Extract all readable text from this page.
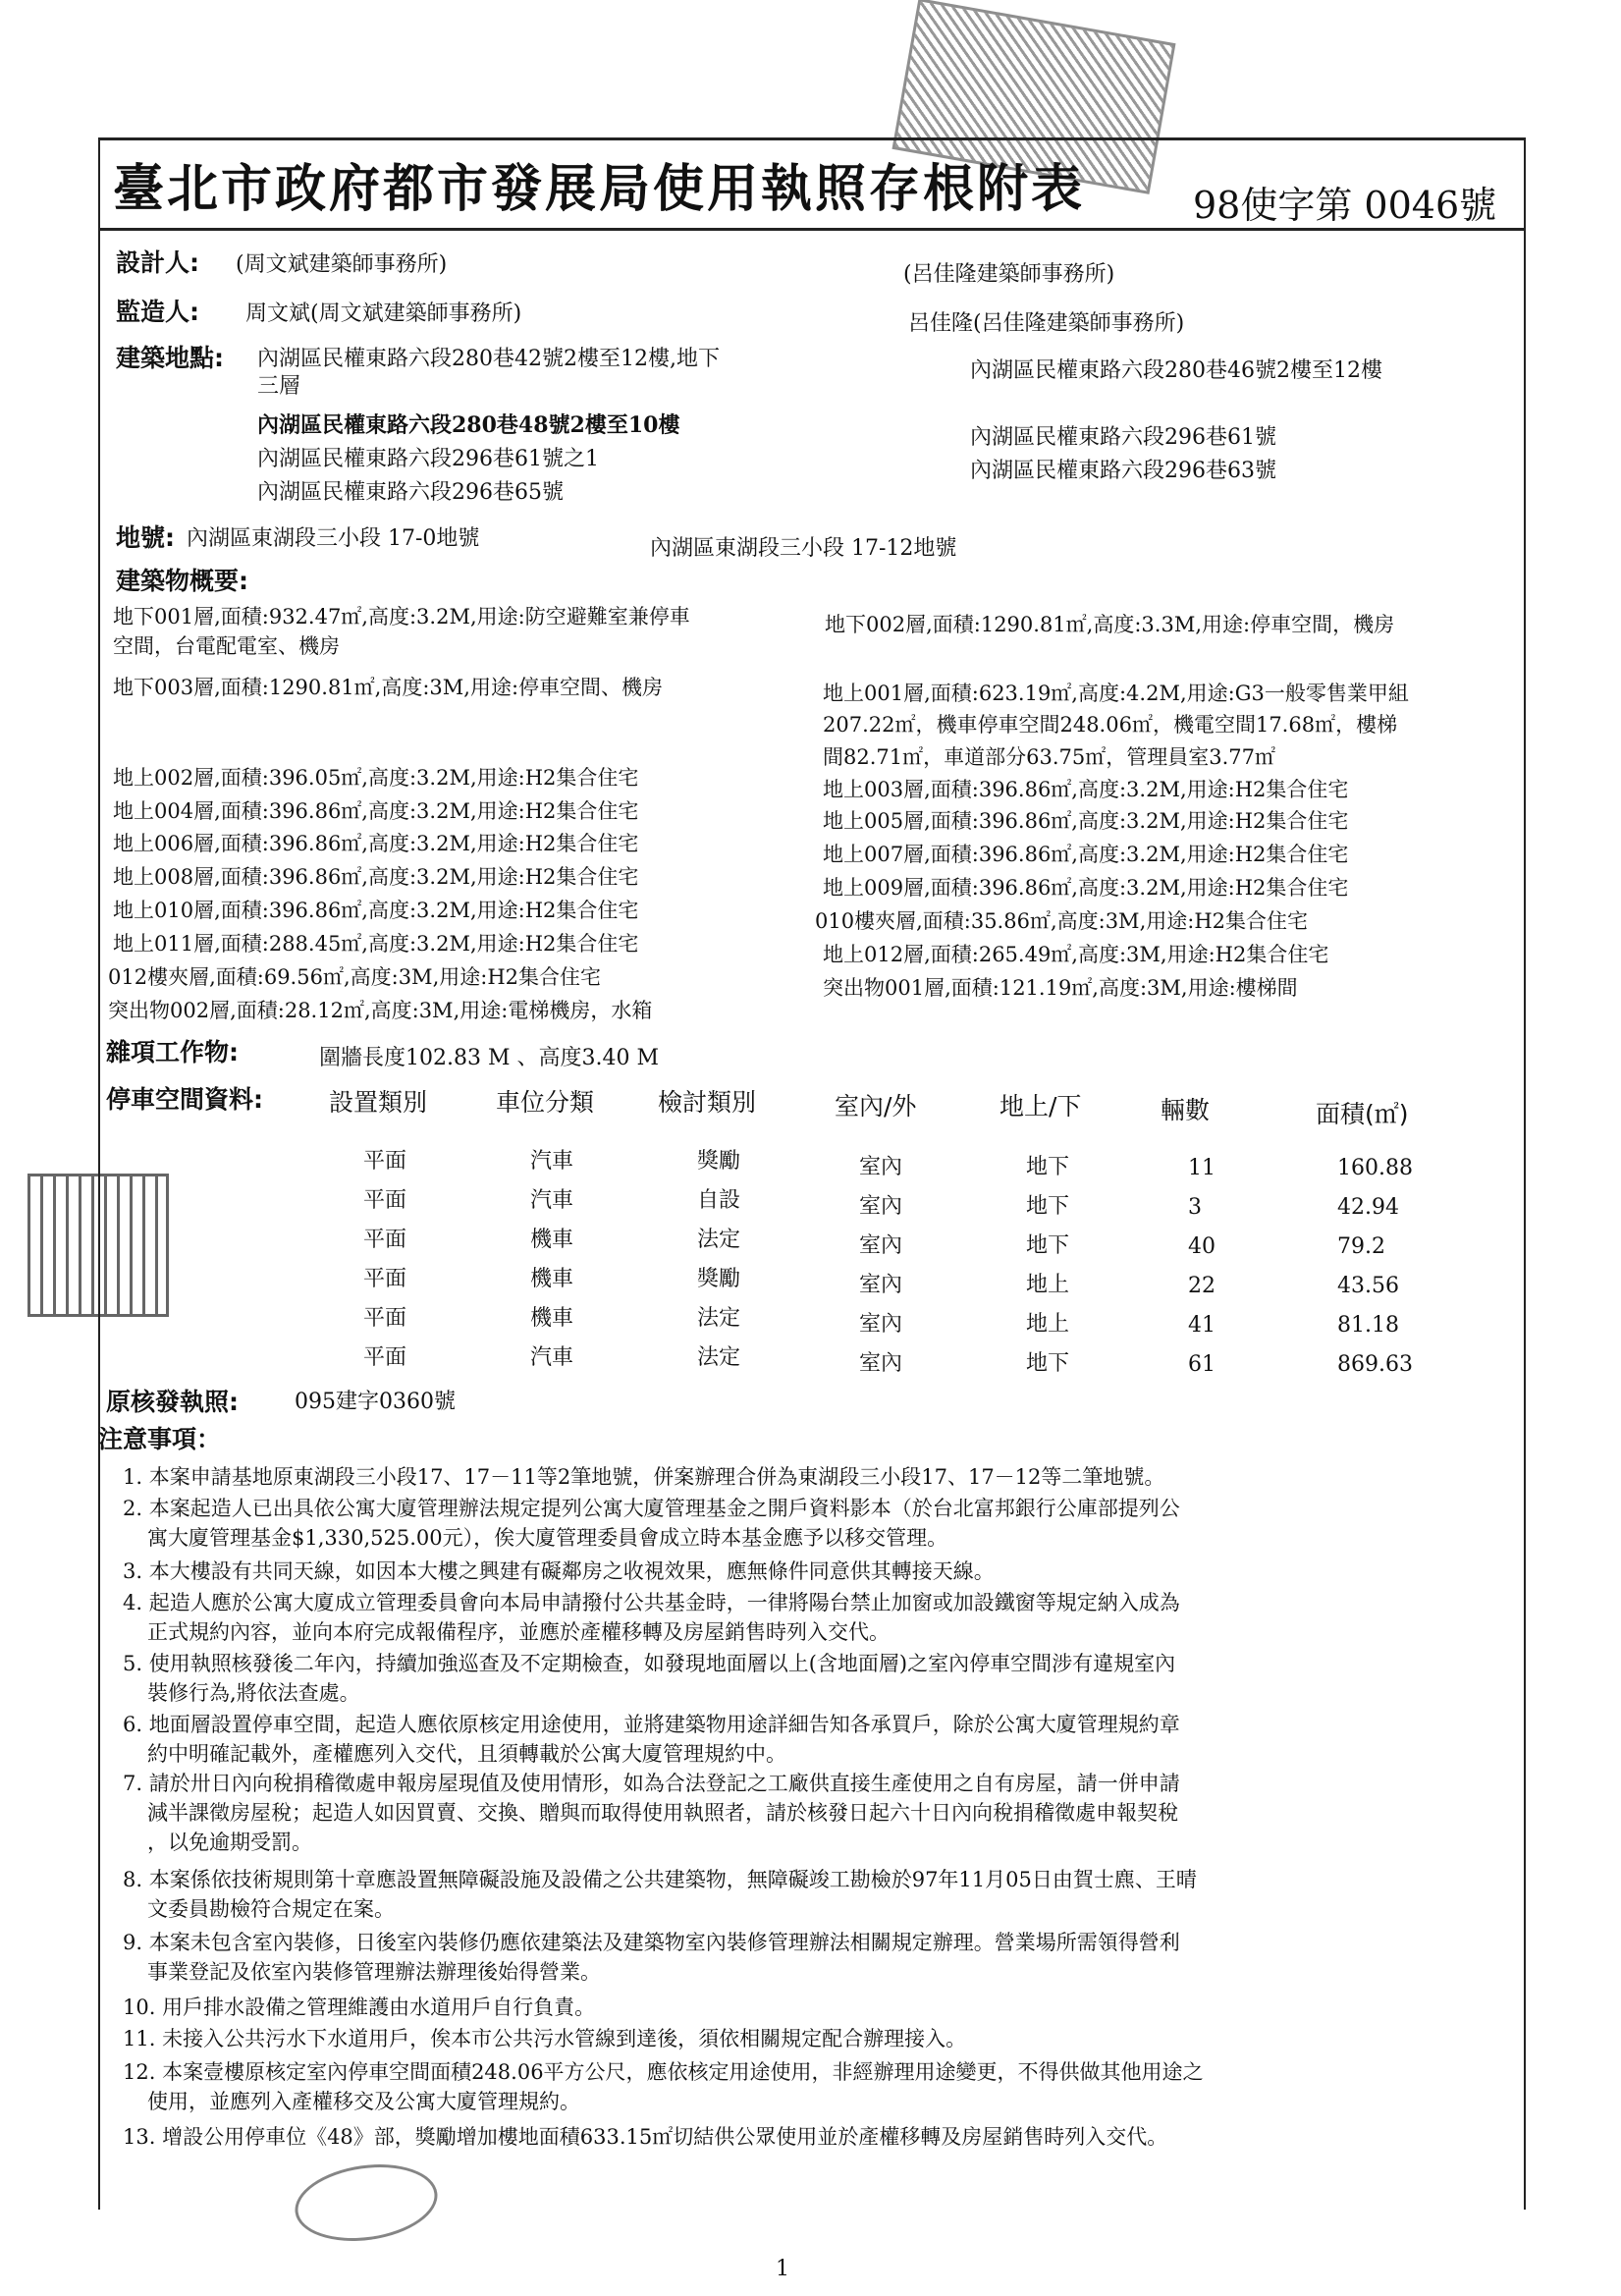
臺北市政府都市發展局使用執照存根附表	98使字第 0046號
設計人: (周文斌建築師事務所)	(呂佳隆建築師事務所)
監造人: 周文斌(周文斌建築師事務所)	呂佳隆(呂佳隆建築師事務所)
建築地點: 內湖區民權東路六段280巷42號2樓至12樓,地下
三層
內湖區民權東路六段280巷48號2樓至10樓
內湖區民權東路六段296巷61號之1
內湖區民權東路六段296巷65號
內湖區民權東路六段280巷46號2樓至12樓
內湖區民權東路六段296巷61號
內湖區民權東路六段296巷63號
地號: 內湖區東湖段三小段 17-0地號	內湖區東湖段三小段 17-12地號
建築物概要:
地下001層,面積:932.47㎡,高度:3.2M,用途:防空避難室兼停車	地下002層,面積:1290.81㎡,高度:3.3M,用途:停車空間，機房
空間，台電配電室、機房
地下003層,面積:1290.81㎡,高度:3M,用途:停車空間、機房	地上001層,面積:623.19㎡,高度:4.2M,用途:G3一般零售業甲組
207.22㎡，機車停車空間248.06㎡，機電空間17.68㎡，樓梯
間82.71㎡，車道部分63.75㎡，管理員室3.77㎡
地上002層,面積:396.05㎡,高度:3.2M,用途:H2集合住宅
地上004層,面積:396.86㎡,高度:3.2M,用途:H2集合住宅
地上006層,面積:396.86㎡,高度:3.2M,用途:H2集合住宅
地上008層,面積:396.86㎡,高度:3.2M,用途:H2集合住宅
地上010層,面積:396.86㎡,高度:3.2M,用途:H2集合住宅
地上011層,面積:288.45㎡,高度:3.2M,用途:H2集合住宅
012樓夾層,面積:69.56㎡,高度:3M,用途:H2集合住宅
突出物002層,面積:28.12㎡,高度:3M,用途:電梯機房，水箱
地上003層,面積:396.86㎡,高度:3.2M,用途:H2集合住宅
地上005層,面積:396.86㎡,高度:3.2M,用途:H2集合住宅
地上007層,面積:396.86㎡,高度:3.2M,用途:H2集合住宅
地上009層,面積:396.86㎡,高度:3.2M,用途:H2集合住宅
010樓夾層,面積:35.86㎡,高度:3M,用途:H2集合住宅
地上012層,面積:265.49㎡,高度:3M,用途:H2集合住宅
突出物001層,面積:121.19㎡,高度:3M,用途:樓梯間
雜項工作物:	圍牆長度102.83 M 、高度3.40 M
停車空間資料:	設置類別	車位分類	檢討類別	室內/外	地上/下	輛數	面積(㎡)
平面	汽車	獎勵	室內	地下	11	160.88
平面	汽車	自設	室內	地下	3	42.94
平面	機車	法定	室內	地下	40	79.2
平面	機車	獎勵	室內	地上	22	43.56
平面	機車	法定	室內	地上	41	81.18
平面	汽車	法定	室內	地下	61	869.63
原核發執照:	095建字0360號
注意事項：
1. 本案申請基地原東湖段三小段17、17－11等2筆地號，併案辦理合併為東湖段三小段17、17－12等二筆地號。
2. 本案起造人已出具依公寓大廈管理辦法規定提列公寓大廈管理基金之開戶資料影本（於台北富邦銀行公庫部提列公
寓大廈管理基金$1,330,525.00元），俟大廈管理委員會成立時本基金應予以移交管理。
3. 本大樓設有共同天線，如因本大樓之興建有礙鄰房之收視效果，應無條件同意供其轉接天線。
4. 起造人應於公寓大廈成立管理委員會向本局申請撥付公共基金時，一律將陽台禁止加窗或加設鐵窗等規定納入成為
正式規約內容，並向本府完成報備程序，並應於產權移轉及房屋銷售時列入交代。
5. 使用執照核發後二年內，持續加強巡查及不定期檢查，如發現地面層以上(含地面層)之室內停車空間涉有違規室內
裝修行為,將依法查處。
6. 地面層設置停車空間，起造人應依原核定用途使用，並將建築物用途詳細告知各承買戶，除於公寓大廈管理規約章
約中明確記載外，產權應列入交代，且須轉載於公寓大廈管理規約中。
7. 請於卅日內向稅捐稽徵處申報房屋現值及使用情形，如為合法登記之工廠供直接生產使用之自有房屋，請一併申請
減半課徵房屋稅；起造人如因買賣、交換、贈與而取得使用執照者，請於核發日起六十日內向稅捐稽徵處申報契稅
，以免逾期受罰。
8. 本案係依技術規則第十章應設置無障礙設施及設備之公共建築物，無障礙竣工勘檢於97年11月05日由賀士麃、王晴
文委員勘檢符合規定在案。
9. 本案未包含室內裝修，日後室內裝修仍應依建築法及建築物室內裝修管理辦法相關規定辦理。營業場所需領得營利
事業登記及依室內裝修管理辦法辦理後始得營業。
10. 用戶排水設備之管理維護由水道用戶自行負責。
11. 未接入公共污水下水道用戶，俟本市公共污水管線到達後，須依相關規定配合辦理接入。
12. 本案壹樓原核定室內停車空間面積248.06平方公尺，應依核定用途使用，非經辦理用途變更，不得供做其他用途之
使用，並應列入產權移交及公寓大廈管理規約。
13. 增設公用停車位《48》部，獎勵增加樓地面積633.15㎡切結供公眾使用並於產權移轉及房屋銷售時列入交代。
1
